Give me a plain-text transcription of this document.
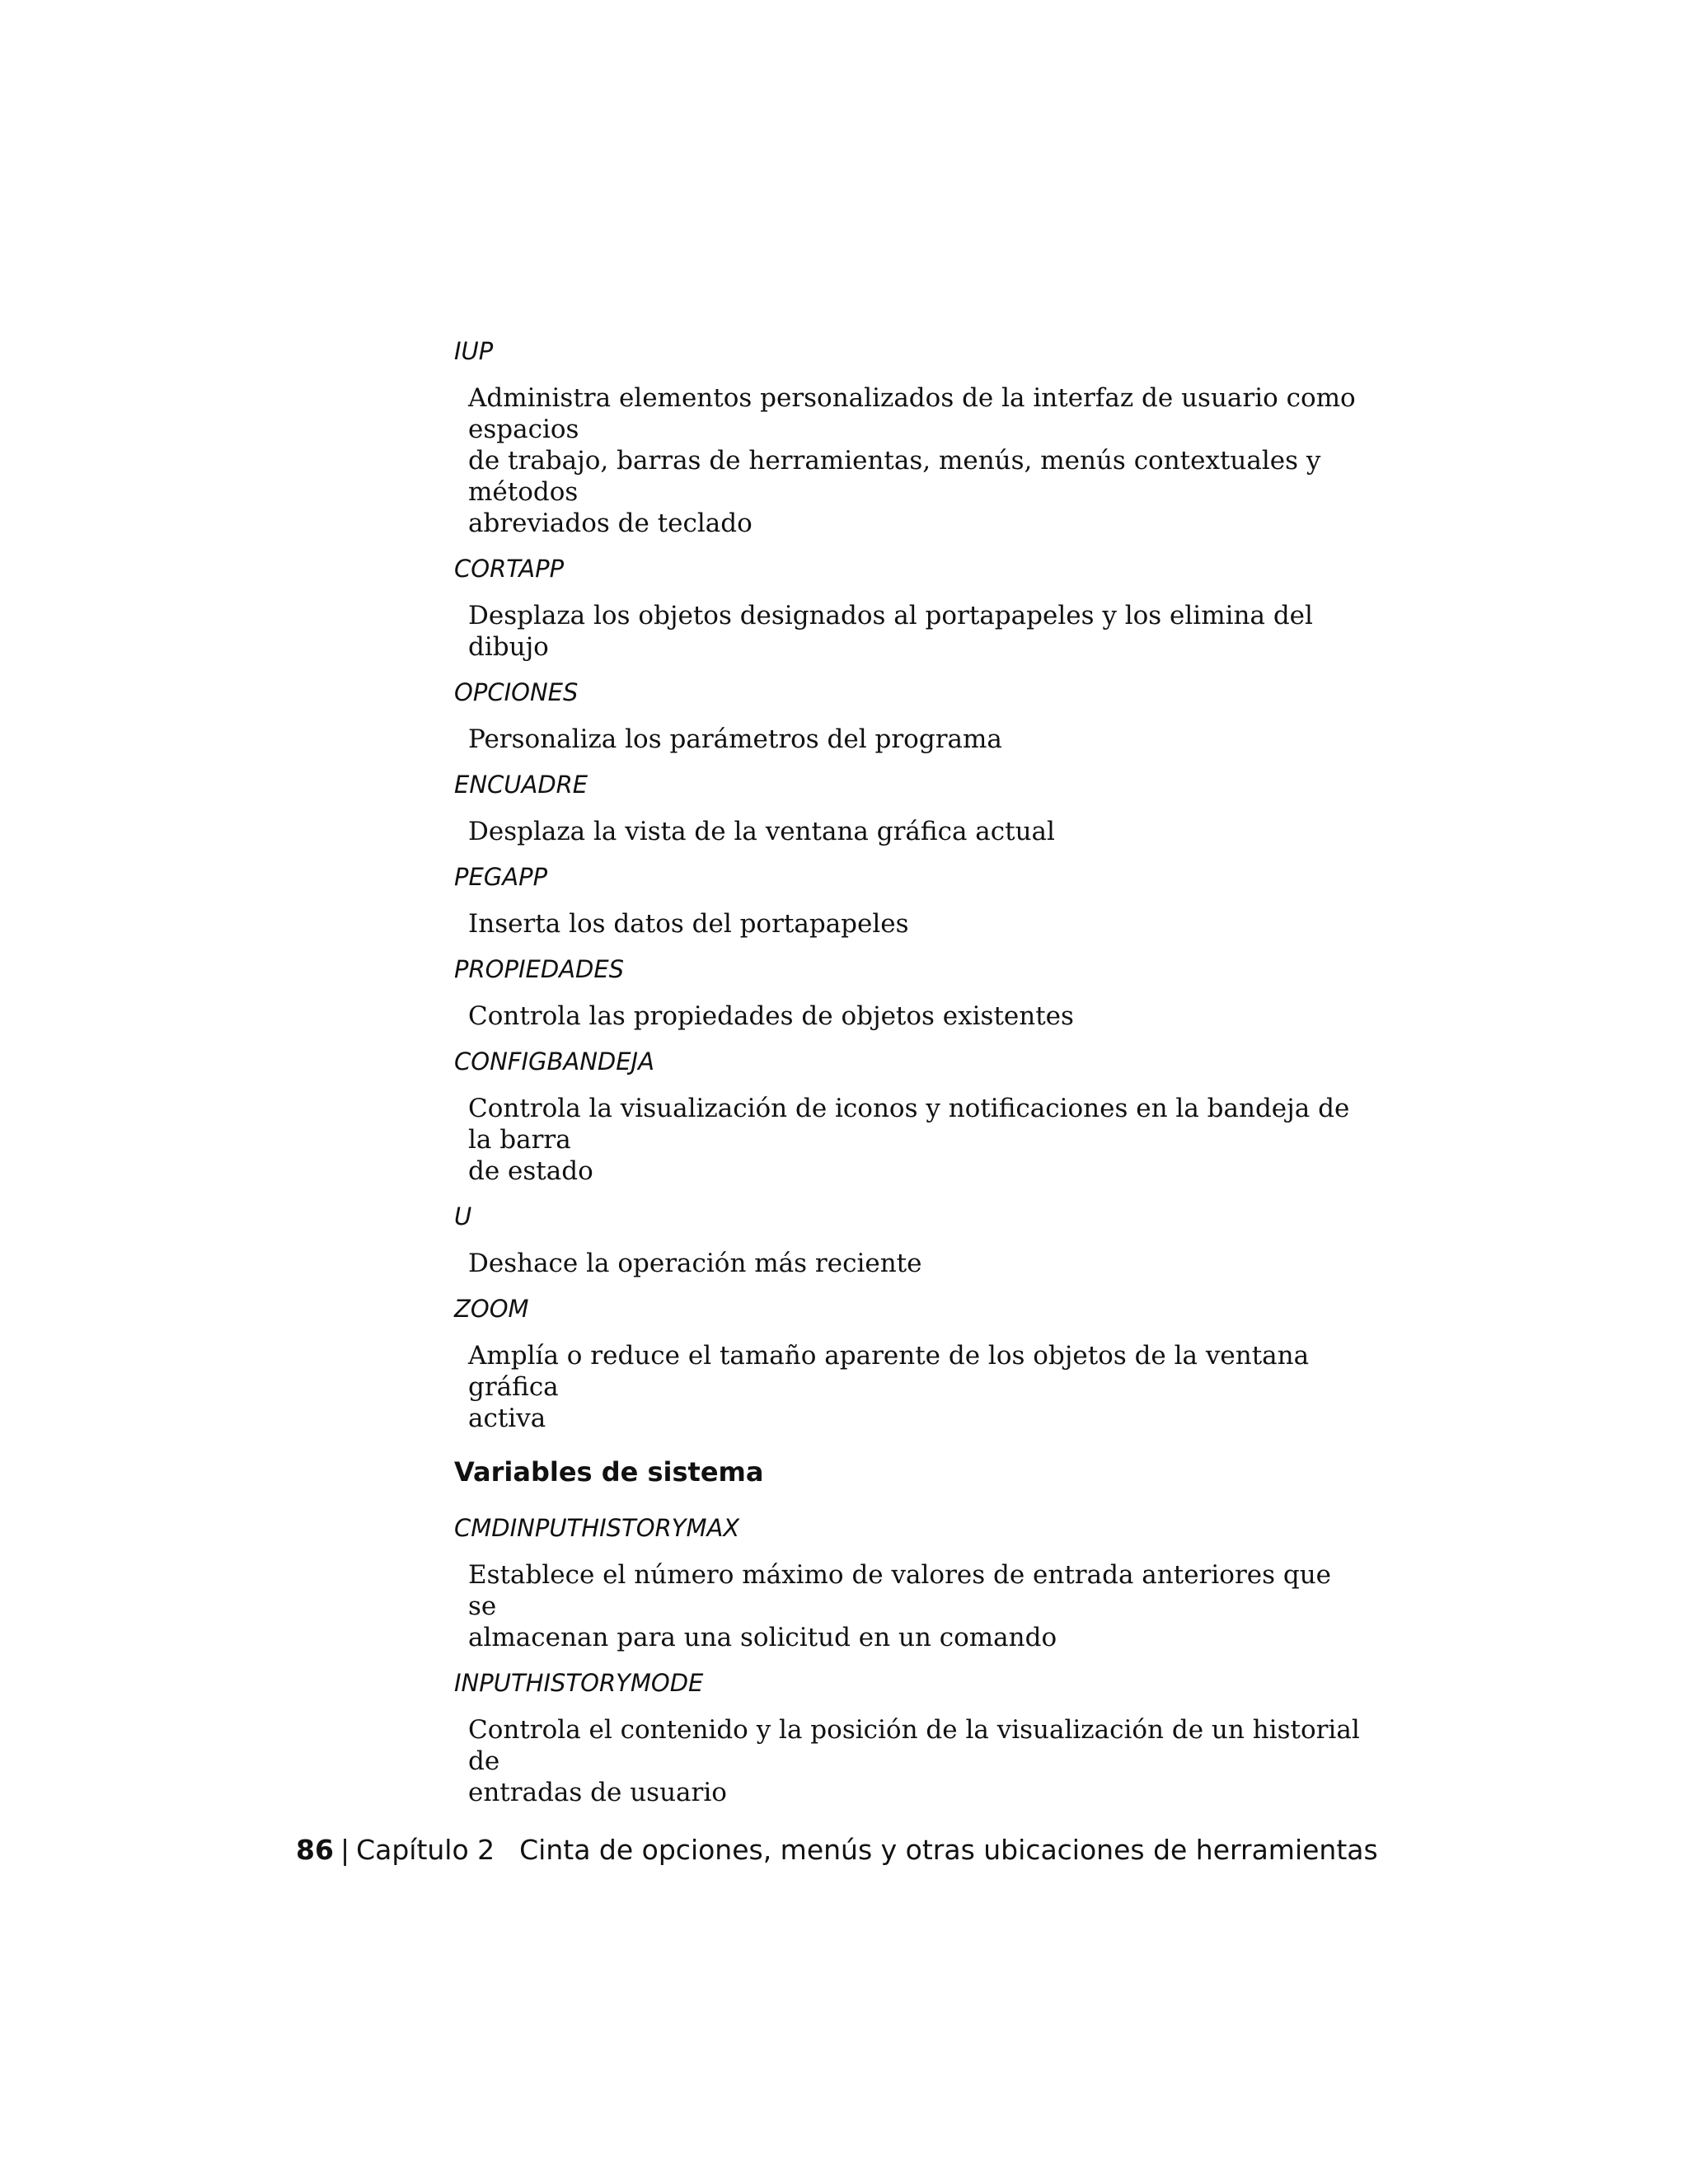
IUP
Administra elementos personalizados de la interfaz de usuario como espacios
de trabajo, barras de herramientas, menús, menús contextuales y métodos
abreviados de teclado
CORTAPP
Desplaza los objetos designados al portapapeles y los elimina del dibujo
OPCIONES
Personaliza los parámetros del programa
ENCUADRE
Desplaza la vista de la ventana gráfica actual
PEGAPP
Inserta los datos del portapapeles
PROPIEDADES
Controla las propiedades de objetos existentes
CONFIGBANDEJA
Controla la visualización de iconos y notificaciones en la bandeja de la barra
de estado
U
Deshace la operación más reciente
ZOOM
Amplía o reduce el tamaño aparente de los objetos de la ventana gráfica
activa
Variables de sistema
CMDINPUTHISTORYMAX
Establece el número máximo de valores de entrada anteriores que se
almacenan para una solicitud en un comando
INPUTHISTORYMODE
Controla el contenido y la posición de la visualización de un historial de
entradas de usuario
86 | Capítulo 2 Cinta de opciones, menús y otras ubicaciones de herramientas
